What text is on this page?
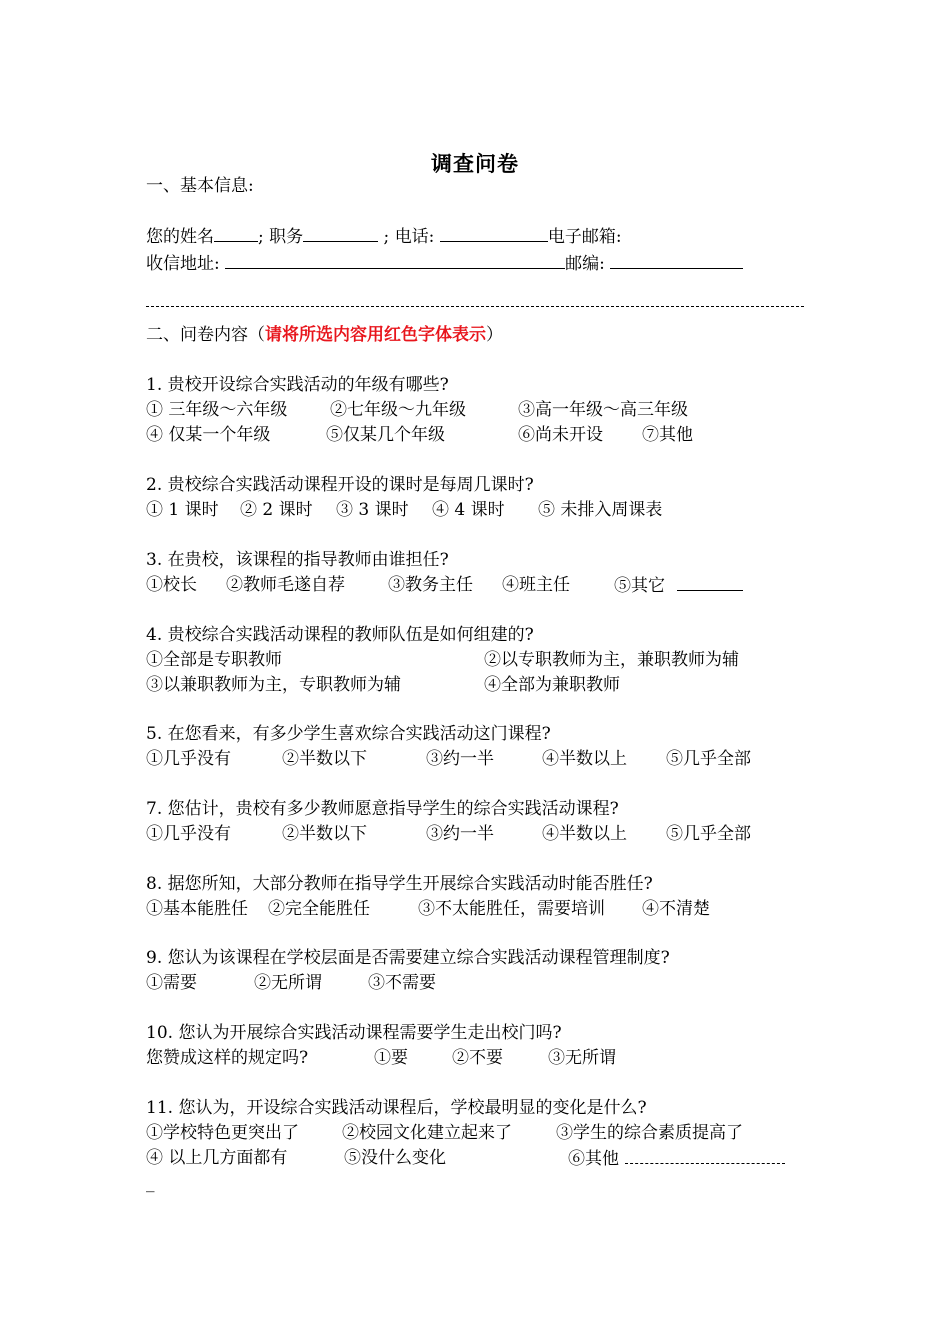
调查问卷
一、基本信息:
您的姓名	; 职务	; 电话:	电子邮箱:
收信地址:	邮编:
二、问卷内容（请将所选内容用红色字体表示）
1. 贵校开设综合实践活动的年级有哪些?
① 三年级～六年级	②七年级～九年级	③高一年级～高三年级
④ 仅某一个年级	⑤仅某几个年级	⑥尚未开设 ⑦其他
2. 贵校综合实践活动课程开设的课时是每周几课时?
① 1 课时 ② 2 课时 ③ 3 课时 ④ 4 课时 ⑤ 未排入周课表
3. 在贵校，该课程的指导教师由谁担任?
①校长 ②教师毛遂自荐	③教务主任 ④班主任	⑤其它
4. 贵校综合实践活动课程的教师队伍是如何组建的?
①全部是专职教师	②以专职教师为主，兼职教师为辅
③以兼职教师为主，专职教师为辅	④全部为兼职教师
5. 在您看来，有多少学生喜欢综合实践活动这门课程?
①几乎没有	②半数以下	③约一半	④半数以上 ⑤几乎全部
7. 您估计，贵校有多少教师愿意指导学生的综合实践活动课程?
①几乎没有	②半数以下	③约一半	④半数以上 ⑤几乎全部
8. 据您所知，大部分教师在指导学生开展综合实践活动时能否胜任?
①基本能胜任 ②完全能胜任	③不太能胜任，需要培训 ④不清楚
9. 您认为该课程在学校层面是否需要建立综合实践活动课程管理制度?
①需要	②无所谓	③不需要
10. 您认为开展综合实践活动课程需要学生走出校门吗?
您赞成这样的规定吗?	①要	②不要	③无所谓
11. 您认为，开设综合实践活动课程后，学校最明显的变化是什么?
①学校特色更突出了	②校园文化建立起来了	③学生的综合素质提高了
④ 以上几方面都有	⑤没什么变化	⑥其他
_
